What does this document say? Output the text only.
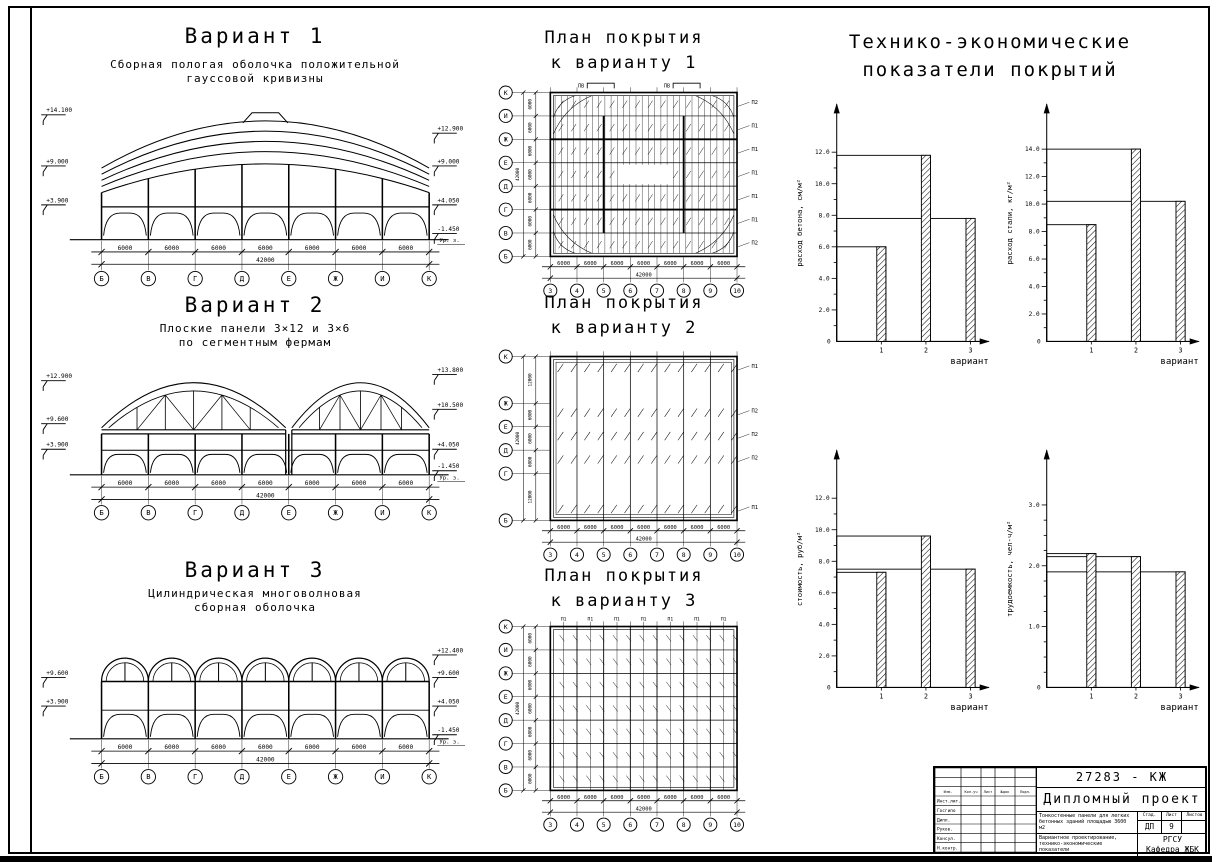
Вариант 1
Сборная пологая оболочка положительной
гауссовой кривизны
6000	6000	6000	6000	6000	6000	6000
42000
Б	В	Г	Д	Е	Ж	И	К
+14.100
+9.000
+3.900
+12.900
+9.000
+4.050
-1.450
Ур. з.
Вариант 2
Плоские панели 3×12 и 3×6
по сегментным фермам
6000	6000	6000	6000	6000	6000	6000
42000
Б	В	Г	Д	Е	Ж	И	К
+12.900
+9.600
+3.900
+13.800
+10.500
+4.050
-1.450
Ур. з.
Вариант 3
Цилиндрическая многоволновая
сборная оболочка
6000	6000	6000	6000	6000	6000	6000
42000
Б	В	Г	Д	Е	Ж	И	К
+9.600
+3.900
+12.400
+9.600
+4.050
-1.450
Ур. з.
План покрытия
к варианту 1
К
И
Ж
Е
Д
Г
В
Б
6000	6000	6000	6000	6000	6000	6000
42000
3	4	5	6	7	8	9	10
6000
6000
6000
6000
6000
6000
6000
42000
П2
П1
П1
П1
П1
П1
П2
ПВ	ПВ
План покрытия
к варианту 2
К
Ж
Е
Д
Г
Б
6000	6000	6000	6000	6000	6000	6000
42000
3	4	5	6	7	8	9	10
12000
6000
6000
6000
12000
42000
П1
П2
П2
П2
П1
План покрытия
к варианту 3
К
И
Ж
Е
Д
Г
В
Б
6000	6000	6000	6000	6000	6000	6000
42000
3	4	5	6	7	8	9	10
6000
6000
6000
6000
6000
6000
6000
42000
П1	П1	П1	П1	П1	П1	П1
Технико-экономические
показатели покрытий
0
2.0
4.0
6.0
8.0
10.0
12.0
1	2	3
вариант
расход бетона, см/м²
0
2.0
4.0
6.0
8.0
10.0
12.0
14.0
1	2	3
вариант
расход стали, кг/м²
0
2.0
4.0
6.0
8.0
10.0
12.0
1	2	3
вариант
стоимость, руб/м²
0
1.0
2.0
3.0
1	2	3
вариант
трудоемкость, чел-ч/м²
Изм.	Кол.уч Лист №док	Подп.
Инст.лит.
Госгипо
Дипл.
Руков.
Консул.
Н.контр.
27283 - КЖ
Дипломный проект
Тонкостенные панели для легких бетонных зданий площадью 3600 м2
Вариантное проектирование, технико-экономические показатели
Стад.	Лист	Листов
ДП	9
РГСУ
Кафедра ЖБК
